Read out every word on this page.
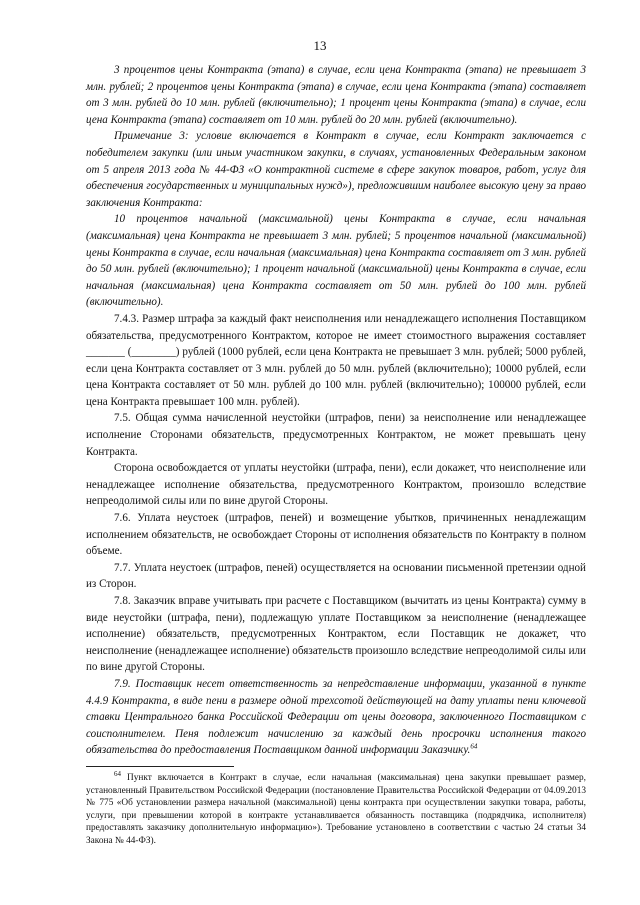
13

3 процентов цены Контракта (этапа) в случае, если цена Контракта (этапа) не превышает 3 млн. рублей; 2 процентов цены Контракта (этапа) в случае, если цена Контракта (этапа) составляет от 3 млн. рублей до 10 млн. рублей (включительно); 1 процент цены Контракта (этапа) в случае, если цена Контракта (этапа) составляет от 10 млн. рублей до 20 млн. рублей (включительно).

Примечание 3: условие включается в Контракт в случае, если Контракт заключается с победителем закупки (или иным участником закупки, в случаях, установленных Федеральным законом от 5 апреля 2013 года № 44-ФЗ «О контрактной системе в сфере закупок товаров, работ, услуг для обеспечения государственных и муниципальных нужд»), предложившим наиболее высокую цену за право заключения Контракта:

10 процентов начальной (максимальной) цены Контракта в случае, если начальная (максимальная) цена Контракта не превышает 3 млн. рублей; 5 процентов начальной (максимальной) цены Контракта в случае, если начальная (максимальная) цена Контракта составляет от 3 млн. рублей до 50 млн. рублей (включительно); 1 процент начальной (максимальной) цены Контракта в случае, если начальная (максимальная) цена Контракта составляет от 50 млн. рублей до 100 млн. рублей (включительно).

7.4.3. Размер штрафа за каждый факт неисполнения или ненадлежащего исполнения Поставщиком обязательства, предусмотренного Контрактом, которое не имеет стоимостного выражения составляет _______ (________) рублей (1000 рублей, если цена Контракта не превышает 3 млн. рублей; 5000 рублей, если цена Контракта составляет от 3 млн. рублей до 50 млн. рублей (включительно); 10000 рублей, если цена Контракта составляет от 50 млн. рублей до 100 млн. рублей (включительно); 100000 рублей, если цена Контракта превышает 100 млн. рублей).

7.5. Общая сумма начисленной неустойки (штрафов, пени) за неисполнение или ненадлежащее исполнение Сторонами обязательств, предусмотренных Контрактом, не может превышать цену Контракта.

Сторона освобождается от уплаты неустойки (штрафа, пени), если докажет, что неисполнение или ненадлежащее исполнение обязательства, предусмотренного Контрактом, произошло вследствие непреодолимой силы или по вине другой Стороны.

7.6. Уплата неустоек (штрафов, пеней) и возмещение убытков, причиненных ненадлежащим исполнением обязательств, не освобождает Стороны от исполнения обязательств по Контракту в полном объеме.

7.7. Уплата неустоек (штрафов, пеней) осуществляется на основании письменной претензии одной из Сторон.

7.8. Заказчик вправе учитывать при расчете с Поставщиком (вычитать из цены Контракта) сумму в виде неустойки (штрафа, пени), подлежащую уплате Поставщиком за неисполнение (ненадлежащее исполнение) обязательств, предусмотренных Контрактом, если Поставщик не докажет, что неисполнение (ненадлежащее исполнение) обязательств произошло вследствие непреодолимой силы или по вине другой Стороны.

7.9. Поставщик несет ответственность за непредставление информации, указанной в пункте 4.4.9 Контракта, в виде пени в размере одной трехсотой действующей на дату уплаты пени ключевой ставки Центрального банка Российской Федерации от цены договора, заключенного Поставщиком с соисполнителем. Пеня подлежит начислению за каждый день просрочки исполнения такого обязательства до предоставления Поставщиком данной информации Заказчику.$^{64}$

$^{64}$ Пункт включается в Контракт в случае, если начальная (максимальная) цена закупки превышает размер, установленный Правительством Российской Федерации (постановление Правительства Российской Федерации от 04.09.2013 № 775 «Об установлении размера начальной (максимальной) цены контракта при осуществлении закупки товара, работы, услуги, при превышении которой в контракте устанавливается обязанность поставщика (подрядчика, исполнителя) предоставлять заказчику дополнительную информацию»). Требование установлено в соответствии с частью 24 статьи 34 Закона № 44-ФЗ).
